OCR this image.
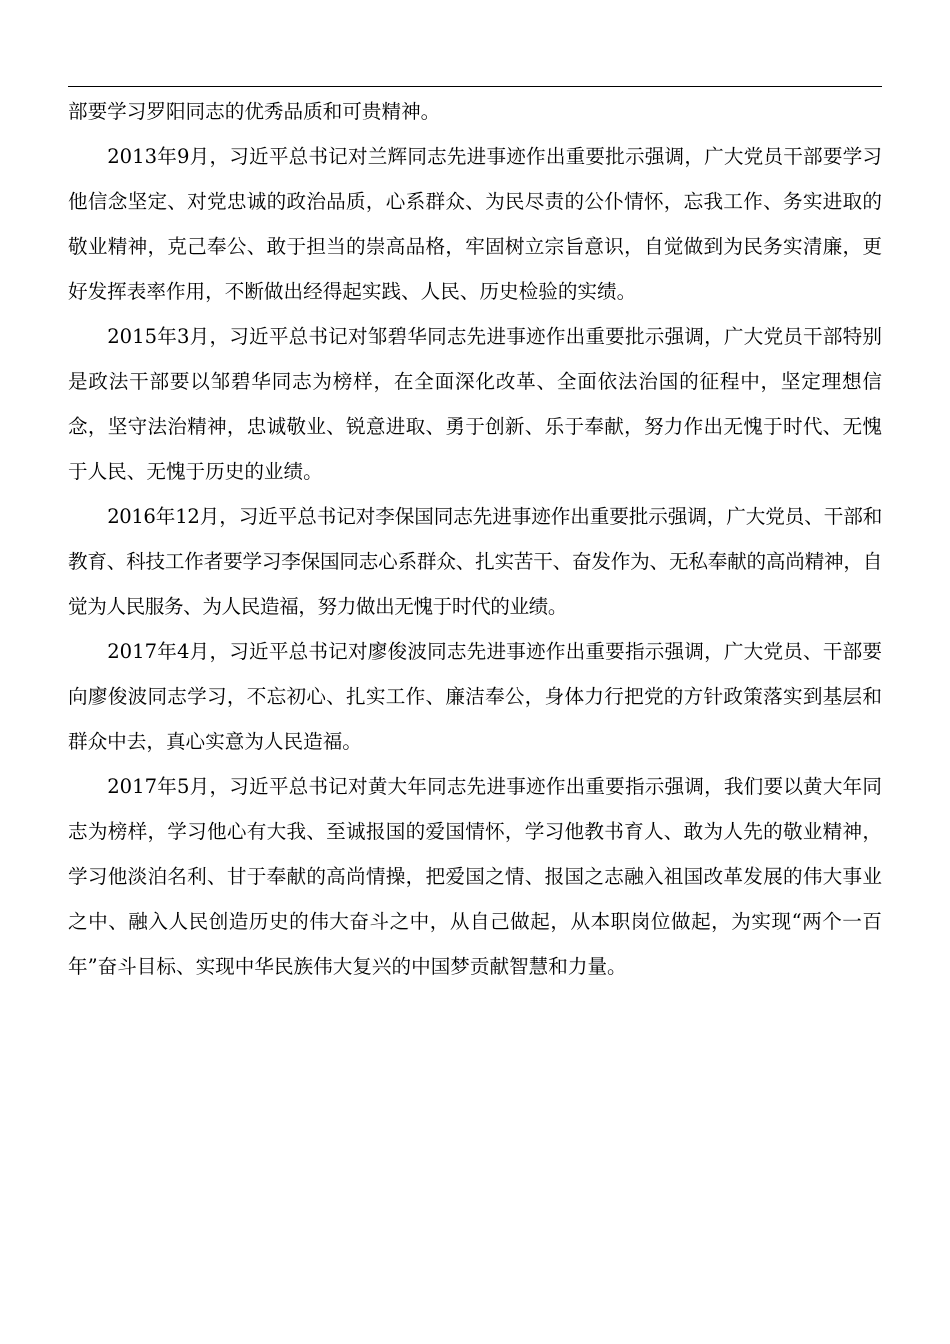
部要学习罗阳同志的优秀品质和可贵精神。

2013年9月，习近平总书记对兰辉同志先进事迹作出重要批示强调，广大党员干部要学习他信念坚定、对党忠诚的政治品质，心系群众、为民尽责的公仆情怀，忘我工作、务实进取的敬业精神，克己奉公、敢于担当的崇高品格，牢固树立宗旨意识，自觉做到为民务实清廉，更好发挥表率作用，不断做出经得起实践、人民、历史检验的实绩。

2015年3月，习近平总书记对邹碧华同志先进事迹作出重要批示强调，广大党员干部特别是政法干部要以邹碧华同志为榜样，在全面深化改革、全面依法治国的征程中，坚定理想信念，坚守法治精神，忠诚敬业、锐意进取、勇于创新、乐于奉献，努力作出无愧于时代、无愧于人民、无愧于历史的业绩。

2016年12月，习近平总书记对李保国同志先进事迹作出重要批示强调，广大党员、干部和教育、科技工作者要学习李保国同志心系群众、扎实苦干、奋发作为、无私奉献的高尚精神，自觉为人民服务、为人民造福，努力做出无愧于时代的业绩。

2017年4月，习近平总书记对廖俊波同志先进事迹作出重要指示强调，广大党员、干部要向廖俊波同志学习，不忘初心、扎实工作、廉洁奉公，身体力行把党的方针政策落实到基层和群众中去，真心实意为人民造福。

2017年5月，习近平总书记对黄大年同志先进事迹作出重要指示强调，我们要以黄大年同志为榜样，学习他心有大我、至诚报国的爱国情怀，学习他教书育人、敢为人先的敬业精神，学习他淡泊名利、甘于奉献的高尚情操，把爱国之情、报国之志融入祖国改革发展的伟大事业之中、融入人民创造历史的伟大奋斗之中，从自己做起，从本职岗位做起，为实现“两个一百年”奋斗目标、实现中华民族伟大复兴的中国梦贡献智慧和力量。
